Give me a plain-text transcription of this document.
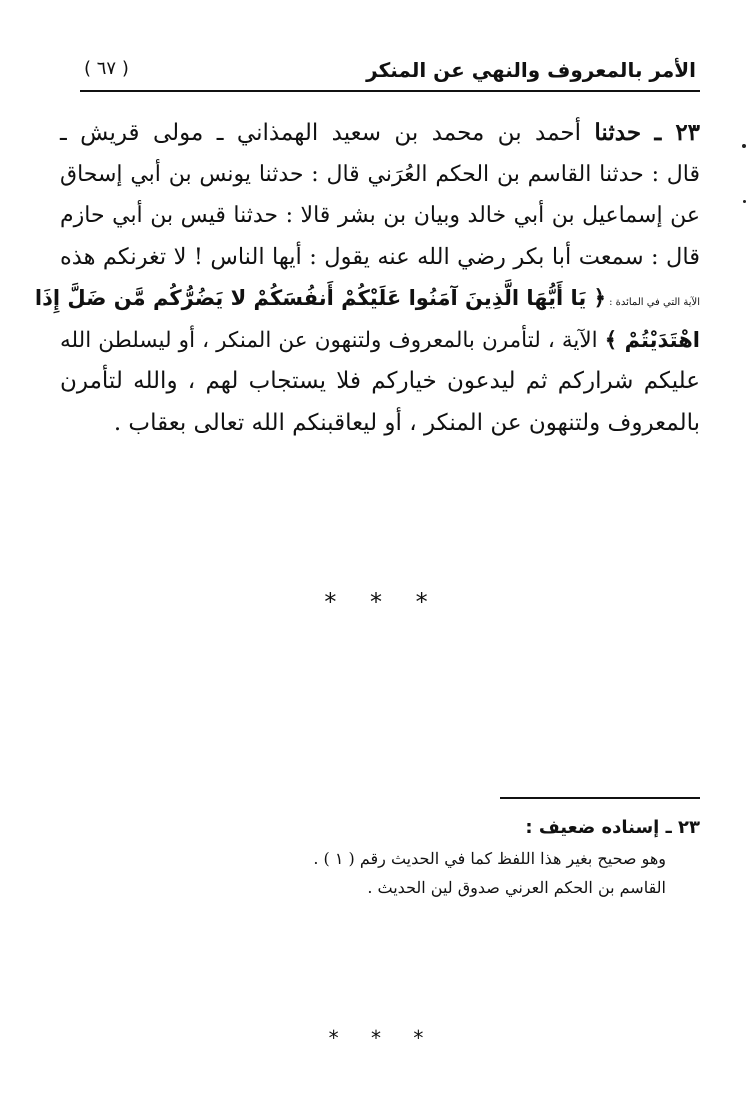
الأمر بالمعروف والنهي عن المنكر
( ٦٧ )
٢٣ ـ حدثنا أحمد بن محمد بن سعيد الهمذاني ـ مولى قريش ـ
قال : حدثنا القاسم بن الحكم العُرَني قال : حدثنا يونس بن أبي إسحاق
عن إسماعيل بن أبي خالد وبيان بن بشر قالا : حدثنا قيس بن أبي حازم
قال : سمعت أبا بكر رضي الله عنه يقول : أيها الناس ! لا تغرنكم هذه
الآية التي في المائدة : ﴿ يَا أَيُّهَا الَّذِينَ آمَنُوا عَلَيْكُمْ أَنفُسَكُمْ لا يَضُرُّكُم مَّن ضَلَّ إِذَا
اهْتَدَيْتُمْ ﴾ الآية ، لتأمرن بالمعروف ولتنهون عن المنكر ، أو ليسلطن الله
عليكم شراركم ثم ليدعون خياركم فلا يستجاب لهم ، والله لتأمرن
بالمعروف ولتنهون عن المنكر ، أو ليعاقبنكم الله تعالى بعقاب .
* * *
٢٣ ـ إسناده ضعيف :
وهو صحيح بغير هذا اللفظ كما في الحديث رقم ( ١ ) .
القاسم بن الحكم العرني صدوق لين الحديث .
* * *
